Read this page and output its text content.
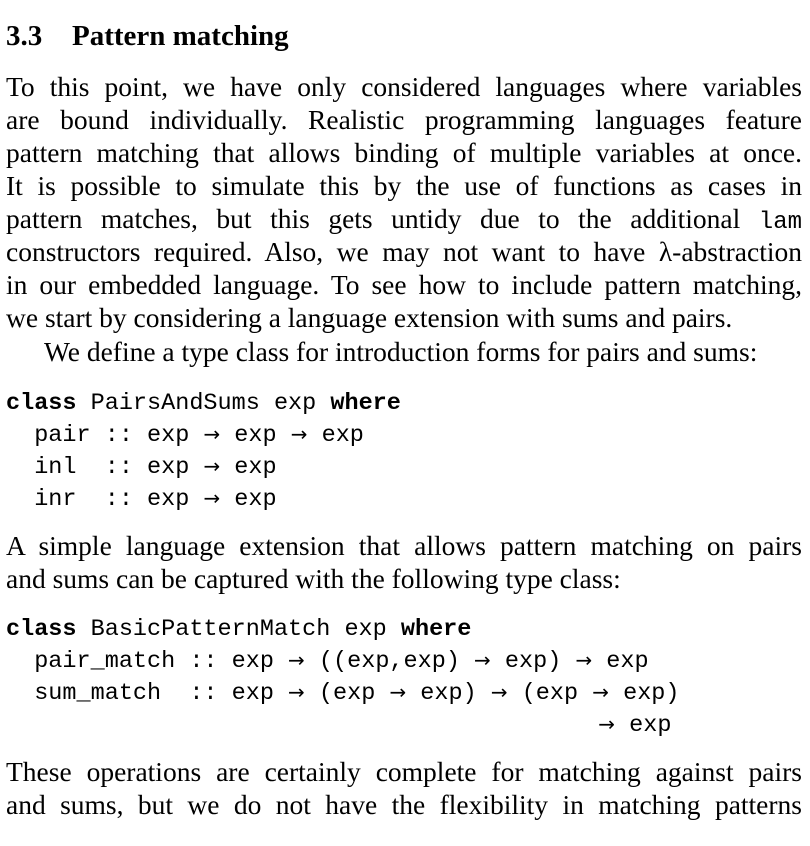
3.3 Pattern matching
To this point, we have only considered languages where variables
are bound individually. Realistic programming languages feature
pattern matching that allows binding of multiple variables at once.
It is possible to simulate this by the use of functions as cases in
pattern matches, but this gets untidy due to the additional lam
constructors required. Also, we may not want to have λ-abstraction
in our embedded language. To see how to include pattern matching,
we start by considering a language extension with sums and pairs.
We define a type class for introduction forms for pairs and sums:
class PairsAndSums exp where
pair :: exp → exp → exp
inl  :: exp → exp
inr  :: exp → exp
A simple language extension that allows pattern matching on pairs
and sums can be captured with the following type class:
class BasicPatternMatch exp where
pair_match :: exp → ((exp,exp) → exp) → exp
sum_match  :: exp → (exp → exp) → (exp → exp)
→ exp
These operations are certainly complete for matching against pairs
and sums, but we do not have the flexibility in matching patterns
